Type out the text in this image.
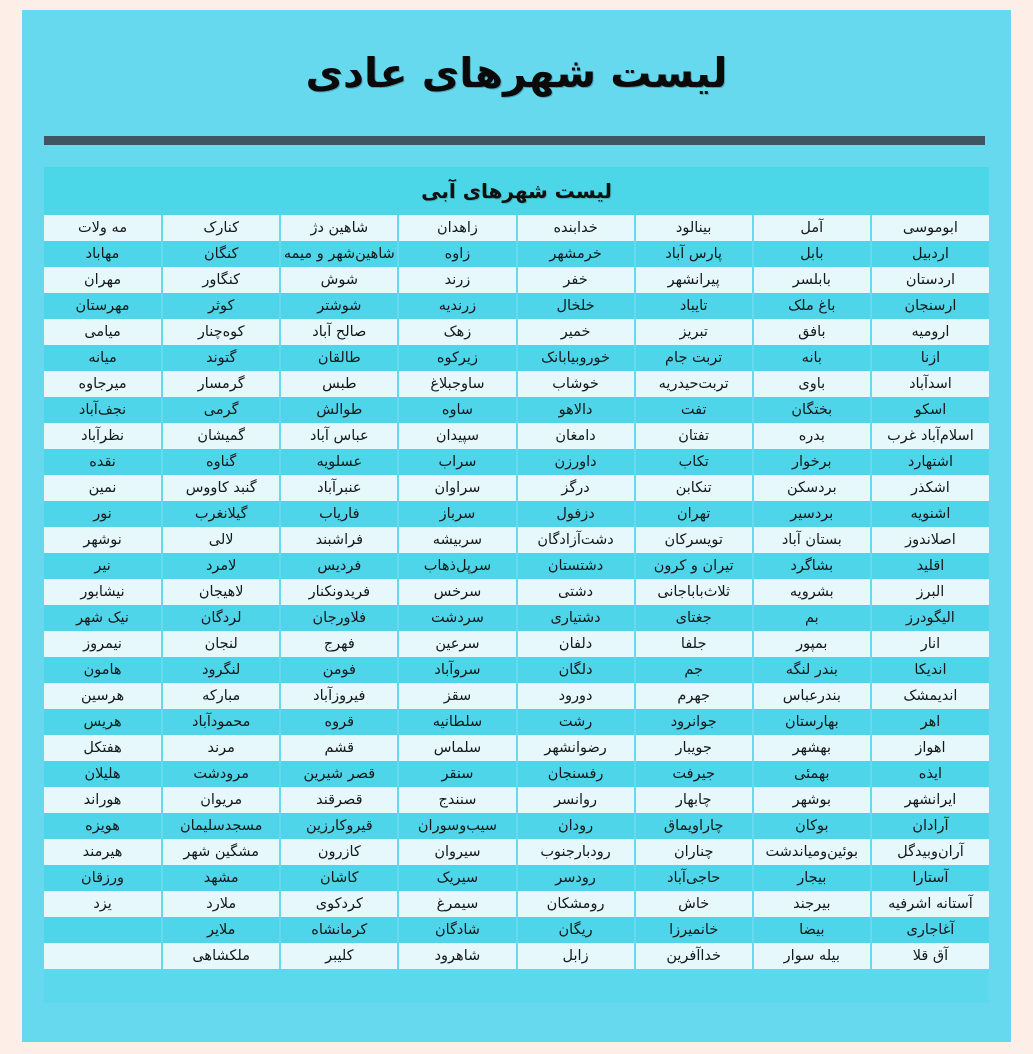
لیست شهرهای عادی
لیست شهرهای آبی
ابوموسی	آمل	بینالود	خدابنده	زاهدان	شاهین دژ	کنارک	مه ولات
اردبیل	بابل	پارس آباد	خرمشهر	زاوه	شاهین‌شهر و میمه	کنگان	مهاباد
اردستان	بابلسر	پیرانشهر	خفر	زرند	شوش	کنگاور	مهران
ارسنجان	باغ ملک	تایباد	خلخال	زرندیه	شوشتر	کوثر	مهرستان
ارومیه	بافق	تبریز	خمیر	زهک	صالح آباد	کوه‌چنار	میامی
ازنا	بانه	تربت جام	خوروبیابانک	زیرکوه	طالقان	گتوند	میانه
اسدآباد	باوی	تربت‌حیدریه	خوشاب	ساوجبلاغ	طبس	گرمسار	میرجاوه
اسکو	بختگان	تفت	دالاهو	ساوه	طوالش	گرمی	نجف‌آباد
اسلام‌آباد غرب	بدره	تفتان	دامغان	سپیدان	عباس آباد	گمیشان	نظرآباد
اشتهارد	برخوار	تکاب	داورزن	سراب	عسلویه	گناوه	نقده
اشکذر	بردسکن	تنکابن	درگز	سراوان	عنبرآباد	گنبد کاووس	نمین
اشنویه	بردسیر	تهران	دزفول	سرباز	فاریاب	گیلانغرب	نور
اصلاندوز	بستان آباد	تویسرکان	دشت‌آزادگان	سربیشه	فراشبند	لالی	نوشهر
اقلید	بشاگرد	تیران و کرون	دشتستان	سرپل‌ذهاب	فردیس	لامرد	نیر
البرز	بشرویه	ثلاث‌باباجانی	دشتی	سرخس	فریدونکنار	لاهیجان	نیشابور
الیگودرز	بم	جغتای	دشتیاری	سردشت	فلاورجان	لردگان	نیک شهر
انار	بمپور	جلفا	دلفان	سرعین	فهرج	لنجان	نیمروز
اندیکا	بندر لنگه	جم	دلگان	سروآباد	فومن	لنگرود	هامون
اندیمشک	بندرعباس	جهرم	دورود	سقز	فیروزآباد	مبارکه	هرسین
اهر	بهارستان	جوانرود	رشت	سلطانیه	قروه	محمودآباد	هریس
اهواز	بهشهر	جویبار	رضوانشهر	سلماس	قشم	مرند	هفتکل
ایذه	بهمئی	جیرفت	رفسنجان	سنقر	قصر شیرین	مرودشت	هلیلان
ایرانشهر	بوشهر	چابهار	روانسر	سنندج	قصرقند	مریوان	هوراند
آرادان	بوکان	چاراویماق	رودان	سیب‌وسوران	قیروکارزین	مسجدسلیمان	هویزه
آران‌وبیدگل	بوئین‌ومیاندشت	چناران	رودبارجنوب	سیروان	کازرون	مشگین شهر	هیرمند
آستارا	بیجار	حاجی‌آباد	رودسر	سیریک	کاشان	مشهد	ورزقان
آستانه اشرفیه	بیرجند	خاش	رومشکان	سیمرغ	کردکوی	ملارد	یزد
آغاجاری	بیضا	خانمیرزا	ریگان	شادگان	کرمانشاه	ملایر	
آق قلا	بیله سوار	خداآفرین	زابل	شاهرود	کلیبر	ملکشاهی	
